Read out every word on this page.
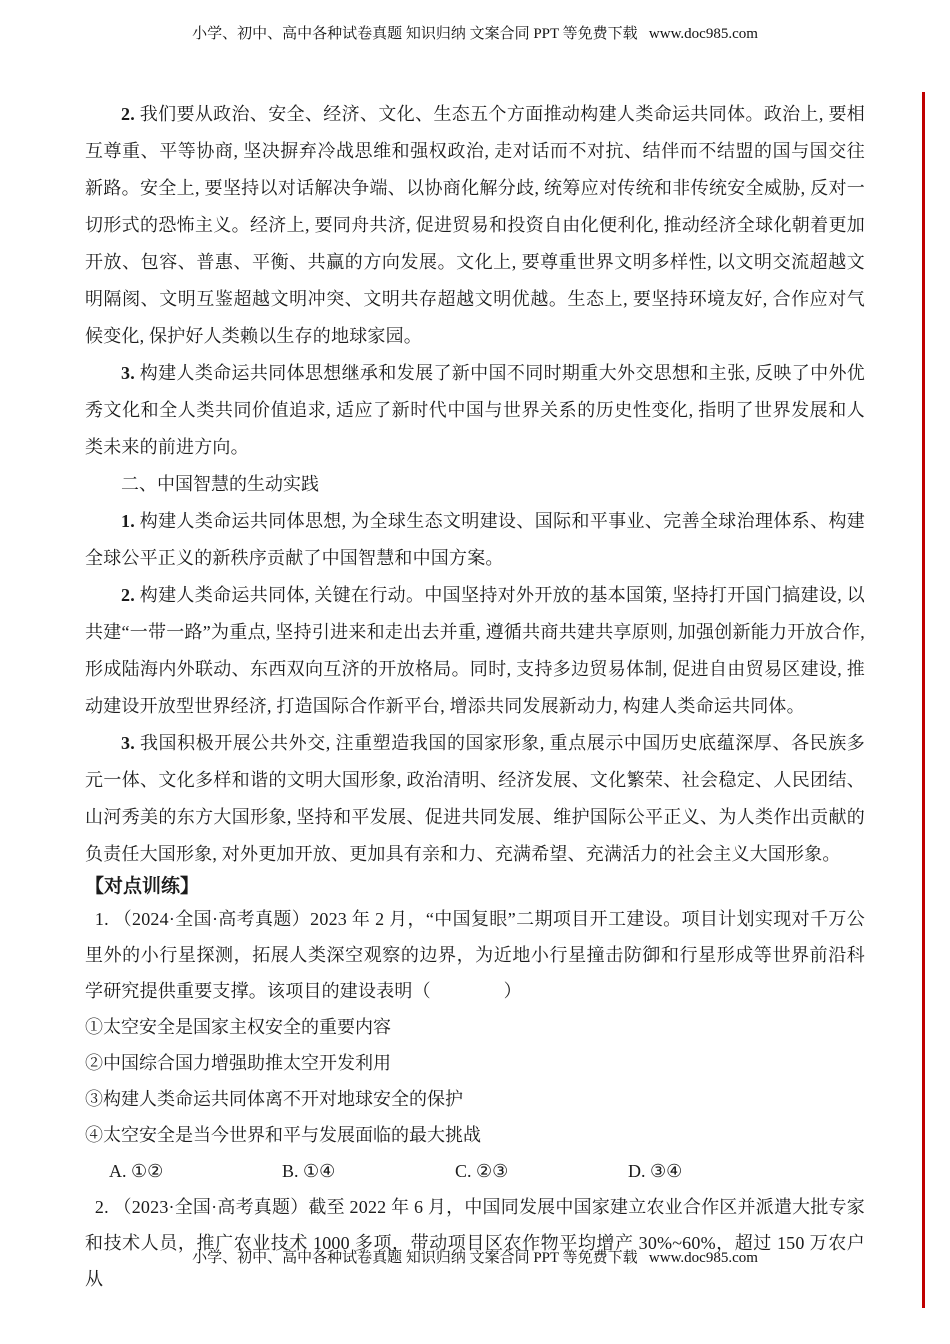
小学、初中、高中各种试卷真题 知识归纳 文案合同 PPT 等免费下载   www.doc985.com

2. 我们要从政治、安全、经济、文化、生态五个方面推动构建人类命运共同体。政治上, 要相互尊重、平等协商, 坚决摒弃冷战思维和强权政治, 走对话而不对抗、结伴而不结盟的国与国交往新路。安全上, 要坚持以对话解决争端、以协商化解分歧, 统筹应对传统和非传统安全威胁, 反对一切形式的恐怖主义。经济上, 要同舟共济, 促进贸易和投资自由化便利化, 推动经济全球化朝着更加开放、包容、普惠、平衡、共赢的方向发展。文化上, 要尊重世界文明多样性, 以文明交流超越文明隔阂、文明互鉴超越文明冲突、文明共存超越文明优越。生态上, 要坚持环境友好, 合作应对气候变化, 保护好人类赖以生存的地球家园。

3. 构建人类命运共同体思想继承和发展了新中国不同时期重大外交思想和主张, 反映了中外优秀文化和全人类共同价值追求, 适应了新时代中国与世界关系的历史性变化, 指明了世界发展和人类未来的前进方向。

二、中国智慧的生动实践

1. 构建人类命运共同体思想, 为全球生态文明建设、国际和平事业、完善全球治理体系、构建全球公平正义的新秩序贡献了中国智慧和中国方案。

2. 构建人类命运共同体, 关键在行动。中国坚持对外开放的基本国策, 坚持打开国门搞建设, 以共建“一带一路”为重点, 坚持引进来和走出去并重, 遵循共商共建共享原则, 加强创新能力开放合作, 形成陆海内外联动、东西双向互济的开放格局。同时, 支持多边贸易体制, 促进自由贸易区建设, 推动建设开放型世界经济, 打造国际合作新平台, 增添共同发展新动力, 构建人类命运共同体。

3. 我国积极开展公共外交, 注重塑造我国的国家形象, 重点展示中国历史底蕴深厚、各民族多元一体、文化多样和谐的文明大国形象, 政治清明、经济发展、文化繁荣、社会稳定、人民团结、山河秀美的东方大国形象, 坚持和平发展、促进共同发展、维护国际公平正义、为人类作出贡献的负责任大国形象, 对外更加开放、更加具有亲和力、充满希望、充满活力的社会主义大国形象。

【对点训练】

1. （2024·全国·高考真题）2023 年 2 月，“中国复眼”二期项目开工建设。项目计划实现对千万公里外的小行星探测，拓展人类深空观察的边界，为近地小行星撞击防御和行星形成等世界前沿科学研究提供重要支撑。该项目的建设表明（　　　　）

①太空安全是国家主权安全的重要内容
②中国综合国力增强助推太空开发利用
③构建人类命运共同体离不开对地球安全的保护
④太空安全是当今世界和平与发展面临的最大挑战
A. ①②	B. ①④	C. ②③	D. ③④

2. （2023·全国·高考真题）截至 2022 年 6 月，中国同发展中国家建立农业合作区并派遣大批专家和技术人员，推广农业技术 1000 多项，带动项目区农作物平均增产 30%~60%，超过 150 万农户从

小学、初中、高中各种试卷真题 知识归纳 文案合同 PPT 等免费下载   www.doc985.com
